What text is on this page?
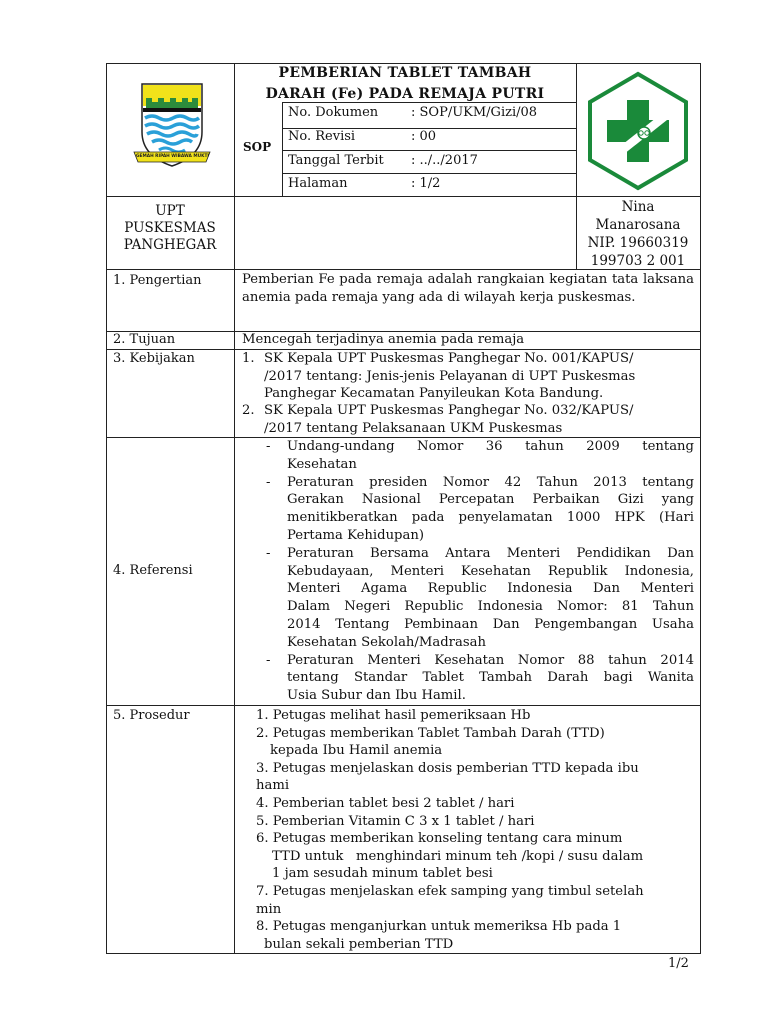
GEMAH RIPAH WIBAWA MUKTI
PEMBERIAN TABLET TAMBAH
DARAH (Fe) PADA REMAJA PUTRI
SOP
No. Dokumen	: SOP/UKM/Gizi/08
No. Revisi	: 00
Tanggal Terbit : ../../2017
Halaman	: 1/2
UPT
PUSKESMAS
PANGHEGAR
Nina
Manarosana
NIP. 19660319
199703 2 001
1. Pengertian	Pemberian Fe pada remaja adalah rangkaian kegiatan tata laksana anemia pada remaja yang ada di wilayah kerja puskesmas.
2. Tujuan	Mencegah terjadinya anemia pada remaja
3. Kebijakan	1. SK Kepala UPT Puskesmas Panghegar No. 001/KAPUS/
/2017 tentang: Jenis-jenis Pelayanan di UPT Puskesmas
Panghegar Kecamatan Panyileukan Kota Bandung.
2. SK Kepala UPT Puskesmas Panghegar No. 032/KAPUS/
/2017 tentang Pelaksanaan UKM Puskesmas
4. Referensi
- Undang-undang Nomor 36 tahun 2009 tentang
Kesehatan
- Peraturan presiden Nomor 42 Tahun 2013 tentang
Gerakan Nasional Percepatan Perbaikan Gizi yang
menitikberatkan pada penyelamatan 1000 HPK (Hari
Pertama Kehidupan)
- Peraturan Bersama Antara Menteri Pendidikan Dan
Kebudayaan, Menteri Kesehatan Republik Indonesia,
Menteri Agama Republic Indonesia Dan Menteri
Dalam Negeri Republic Indonesia Nomor: 81 Tahun
2014 Tentang Pembinaan Dan Pengembangan Usaha
Kesehatan Sekolah/Madrasah
- Peraturan Menteri Kesehatan Nomor 88 tahun 2014
tentang Standar Tablet Tambah Darah bagi Wanita
Usia Subur dan Ibu Hamil.
5. Prosedur	1. Petugas melihat hasil pemeriksaan Hb
2. Petugas memberikan Tablet Tambah Darah (TTD)
kepada Ibu Hamil anemia
3. Petugas menjelaskan dosis pemberian TTD kepada ibu
hami
4. Pemberian tablet besi 2 tablet / hari
5. Pemberian Vitamin C 3 x 1 tablet / hari
6. Petugas memberikan konseling tentang cara minum
TTD untuk   menghindari minum teh /kopi / susu dalam
1 jam sesudah minum tablet besi
7. Petugas menjelaskan efek samping yang timbul setelah
min
8. Petugas menganjurkan untuk memeriksa Hb pada 1
bulan sekali pemberian TTD
1/2
